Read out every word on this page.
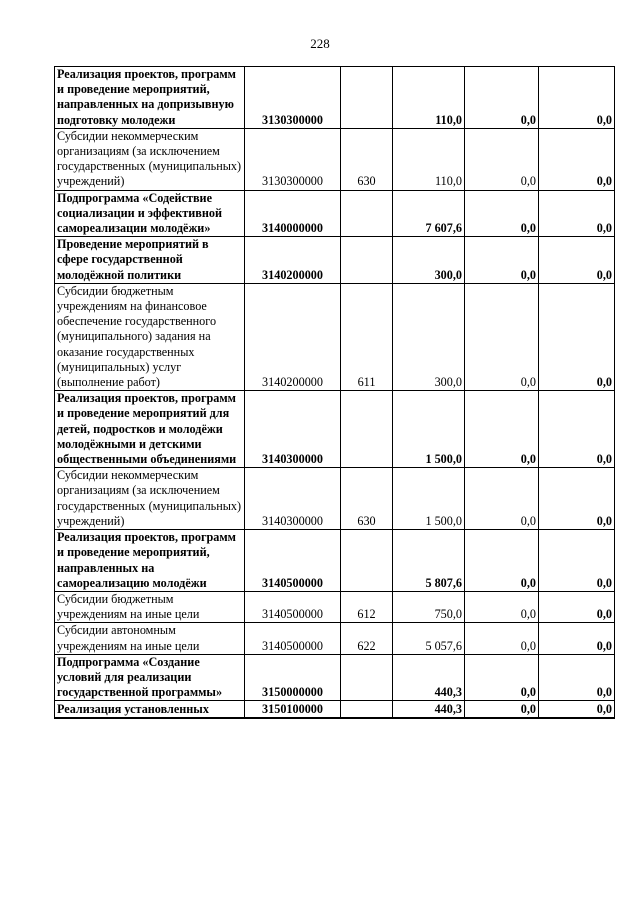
228
Реализация проектов, программ и проведение мероприятий, направленных на допризывную подготовку молодежи	3130300000		110,0	0,0	0,0

Субсидии некоммерческим организациям (за исключением государственных (муниципальных) учреждений)	3130300000	630	110,0	0,0	0,0

Подпрограмма «Содействие социализации и эффективной самореализации молодёжи»	3140000000		7 607,6	0,0	0,0

Проведение мероприятий в сфере государственной молодёжной политики	3140200000		300,0	0,0	0,0

Субсидии бюджетным учреждениям на финансовое обеспечение государственного (муниципального) задания на оказание государственных (муниципальных) услуг (выполнение работ)	3140200000	611	300,0	0,0	0,0

Реализация проектов, программ и проведение мероприятий для детей, подростков и молодёжи молодёжными и детскими общественными объединениями	3140300000		1 500,0	0,0	0,0

Субсидии некоммерческим организациям (за исключением государственных (муниципальных) учреждений)	3140300000	630	1 500,0	0,0	0,0

Реализация проектов, программ и проведение мероприятий, направленных на самореализацию молодёжи	3140500000		5 807,6	0,0	0,0

Субсидии бюджетным учреждениям на иные цели	3140500000	612	750,0	0,0	0,0

Субсидии автономным учреждениям на иные цели	3140500000	622	5 057,6	0,0	0,0

Подпрограмма «Создание условий для реализации государственной программы»	3150000000		440,3	0,0	0,0

Реализация установленных	3150100000		440,3	0,0	0,0
